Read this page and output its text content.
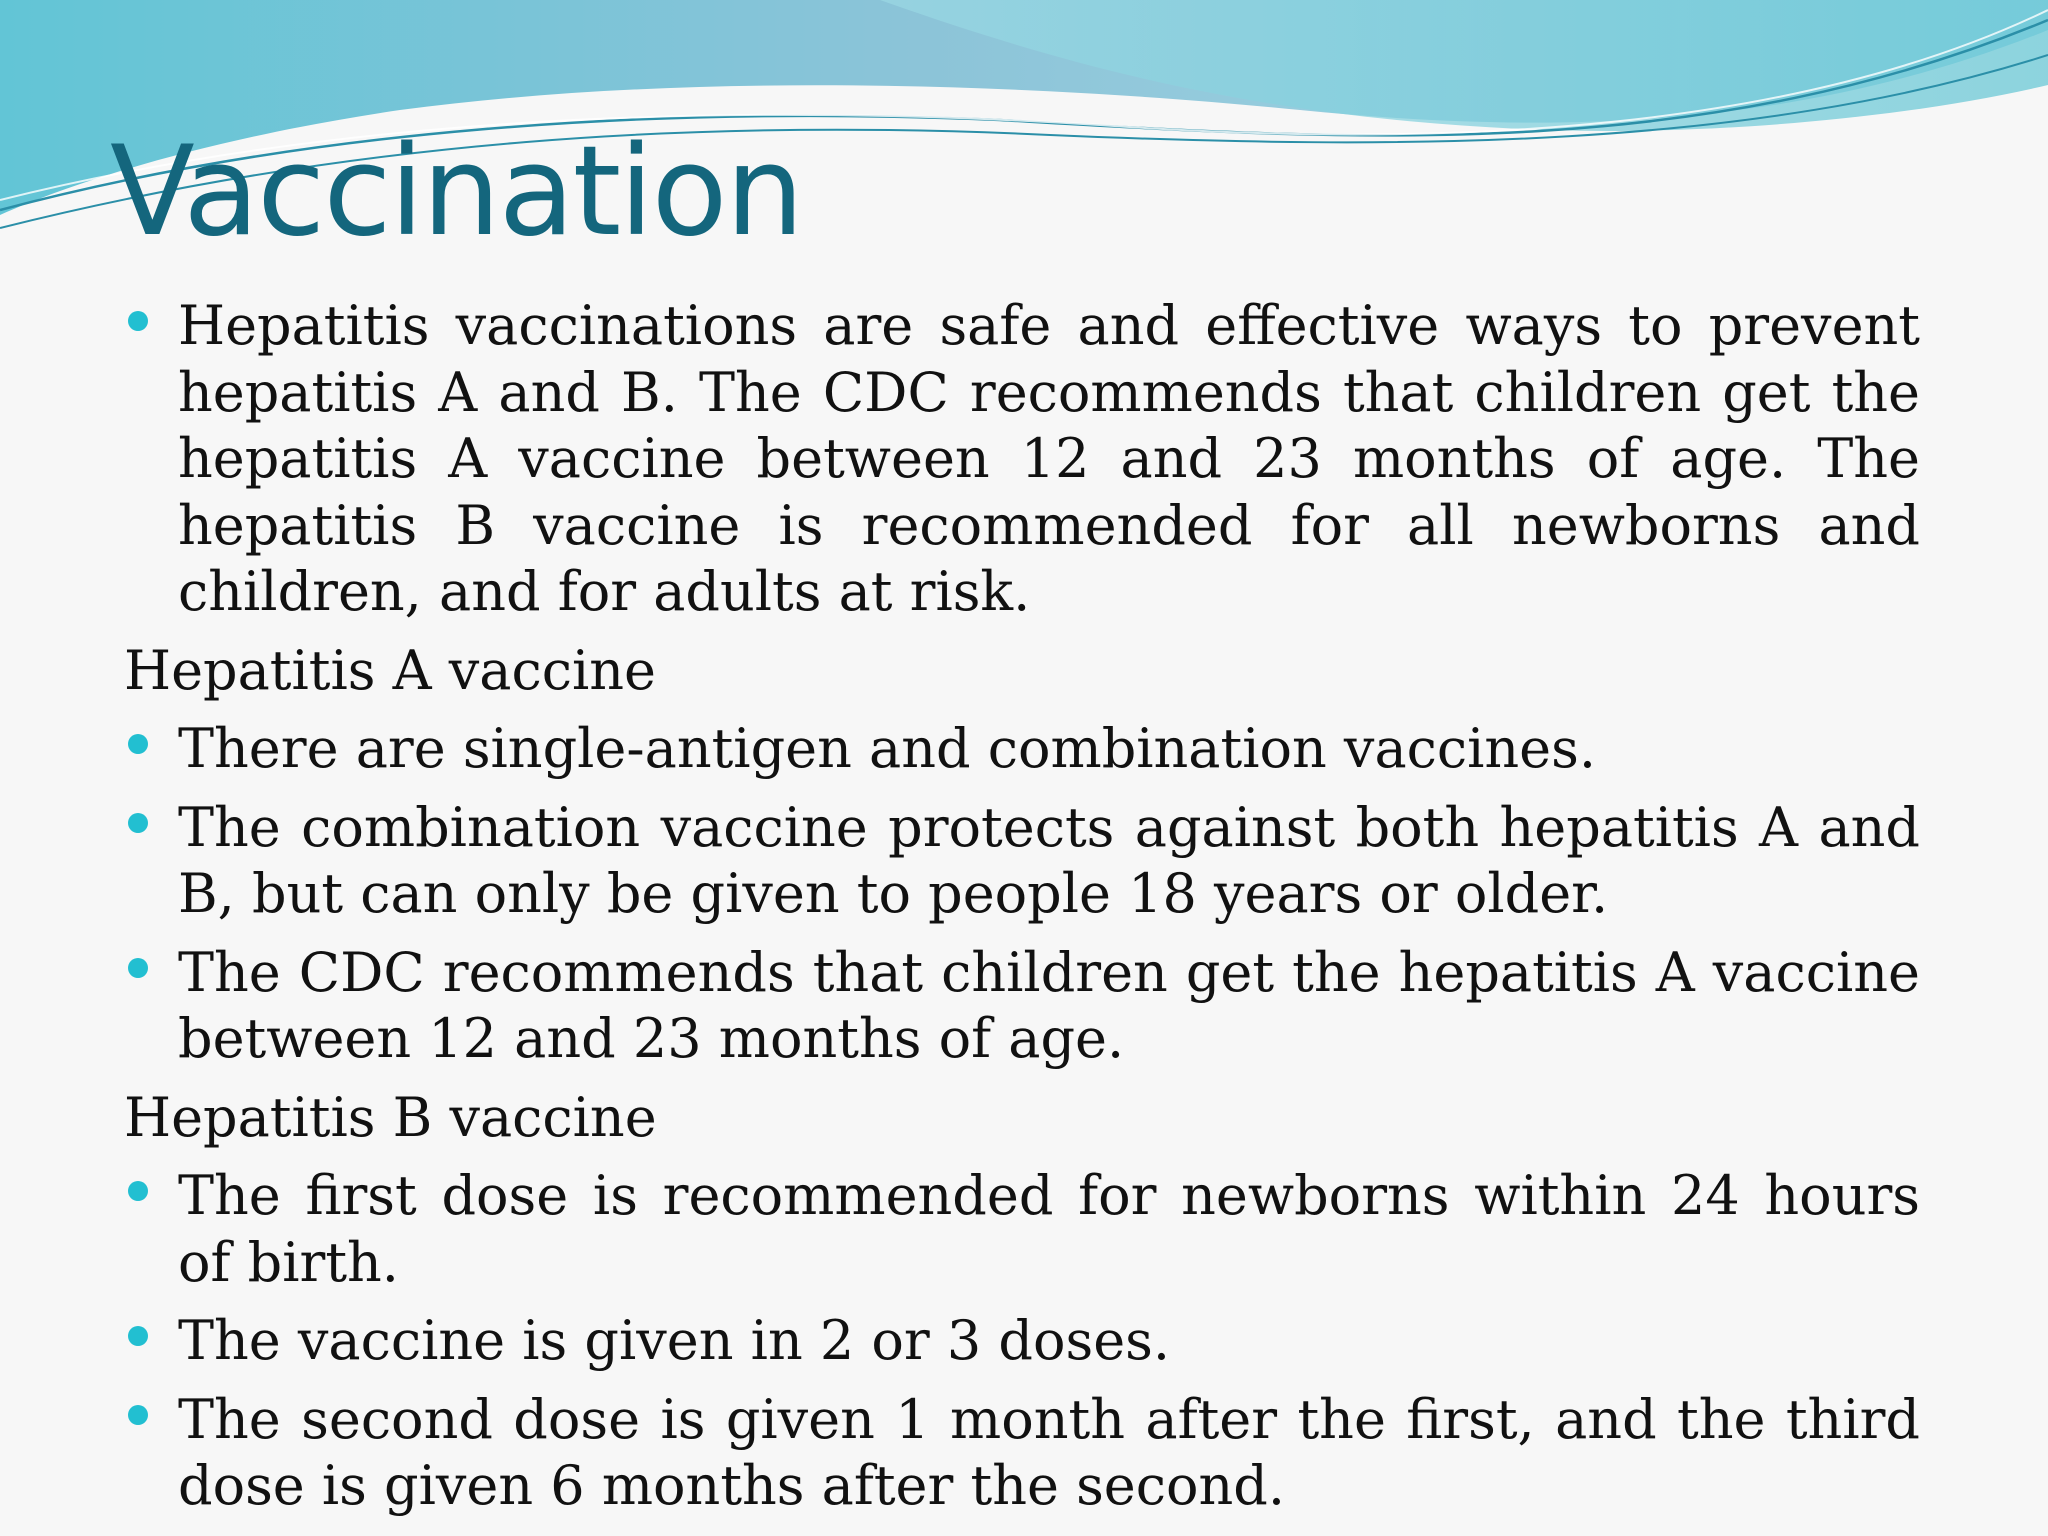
Vaccination
Hepatitis vaccinations are safe and effective ways to prevent hepatitis A and B. The CDC recommends that children get the hepatitis A vaccine between 12 and 23 months of age. The hepatitis B vaccine is recommended for all newborns and children, and for adults at risk.
Hepatitis A vaccine
There are single-antigen and combination vaccines.
The combination vaccine protects against both hepatitis A and B, but can only be given to people 18 years or older.
The CDC recommends that children get the hepatitis A vaccine between 12 and 23 months of age.
Hepatitis B vaccine
The first dose is recommended for newborns within 24 hours of birth.
The vaccine is given in 2 or 3 doses.
The second dose is given 1 month after the first, and the third dose is given 6 months after the second.
